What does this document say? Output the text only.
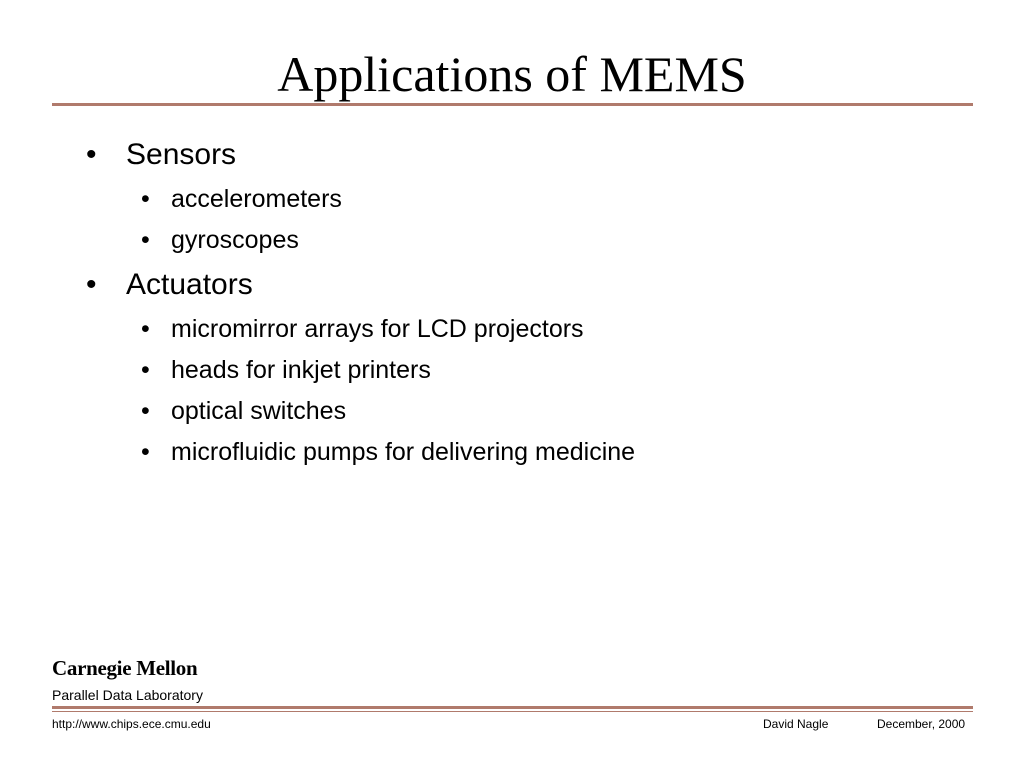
Applications of MEMS
• Sensors
• accelerometers
• gyroscopes
• Actuators
• micromirror arrays for LCD projectors
• heads for inkjet printers
• optical switches
• microfluidic pumps for delivering medicine
Carnegie Mellon
Parallel Data Laboratory
http://www.chips.ece.cmu.edu	David Nagle	December, 2000
